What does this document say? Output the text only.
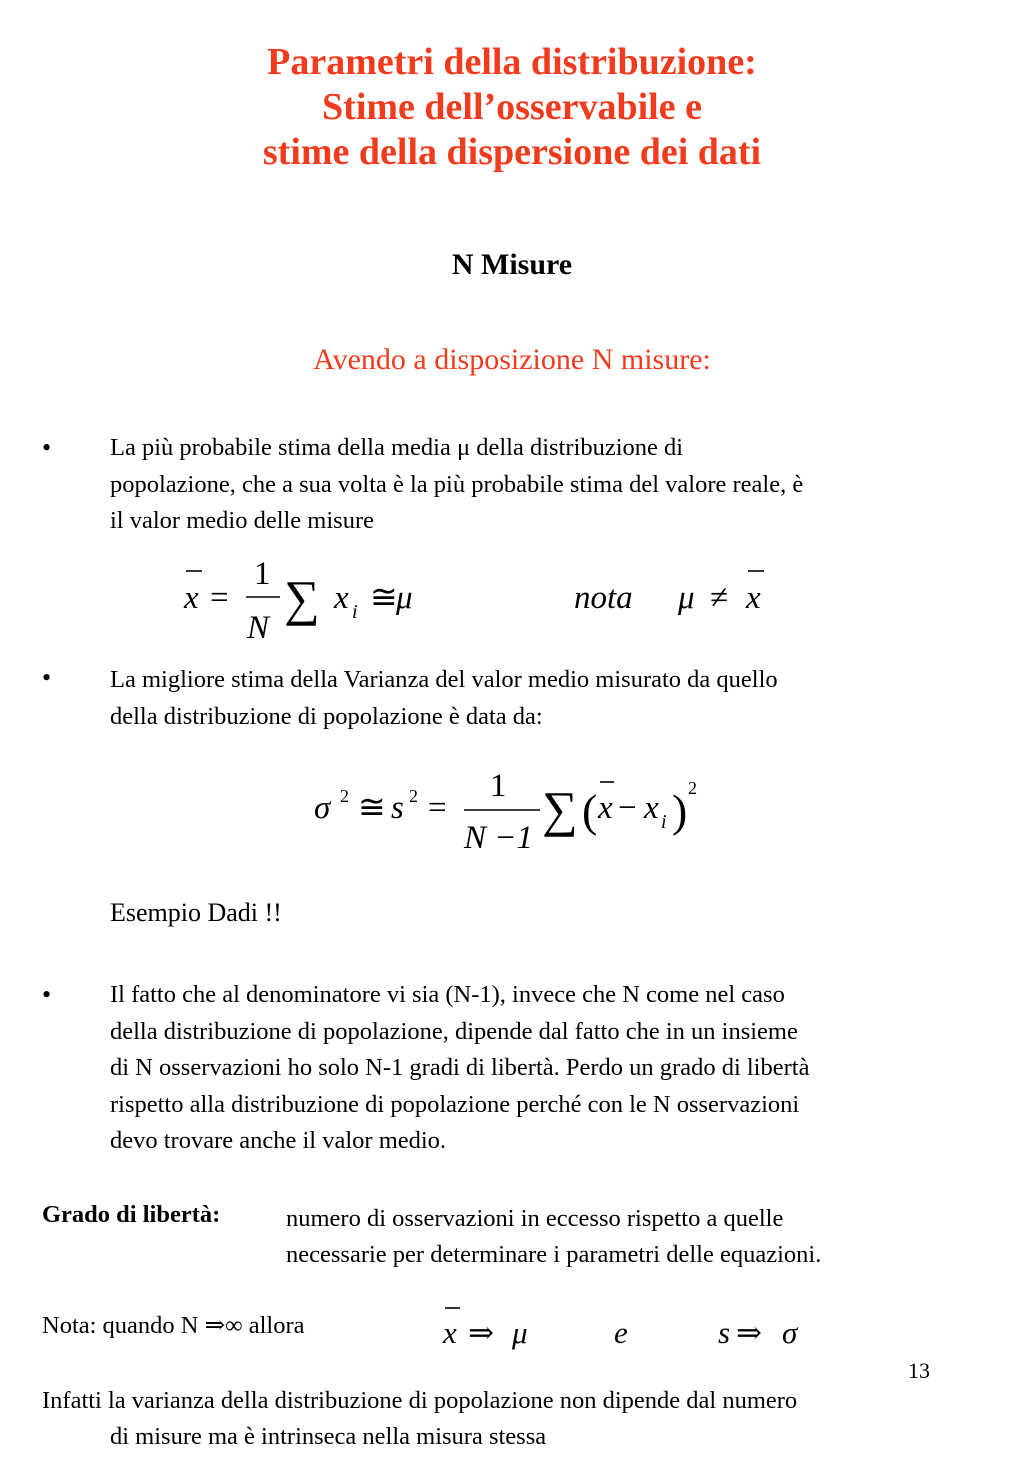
Parametri della distribuzione:
Stime dell’osservabile e
stime della dispersione dei dati
N Misure
Avendo a disposizione N misure:
• La più probabile stima della media μ della distribuzione di
popolazione, che a sua volta è la più probabile stima del valore reale, è
il valor medio delle misure
x =
1
N
∑ x i ≅
μ	nota μ ≠ x
• La migliore stima della Varianza del valor medio misurato da quello
della distribuzione di popolazione è data da:
σ 2 ≅ s 2 =
1
N −1
∑ ( x − x i ) 2
Esempio Dadi !!
• Il fatto che al denominatore vi sia (N-1), invece che N come nel caso
della distribuzione di popolazione, dipende dal fatto che in un insieme
di N osservazioni ho solo N-1 gradi di libertà. Perdo un grado di libertà
rispetto alla distribuzione di popolazione perché con le N osservazioni
devo trovare anche il valor medio.
Grado di libertà:	numero di osservazioni in eccesso rispetto a quelle
necessarie per determinare i parametri delle equazioni.
Nota: quando N ⇒∞ allora	x ⇒ μ	e	s ⇒ σ
13
Infatti la varianza della distribuzione di popolazione non dipende dal numero
di misure ma è intrinseca nella misura stessa
